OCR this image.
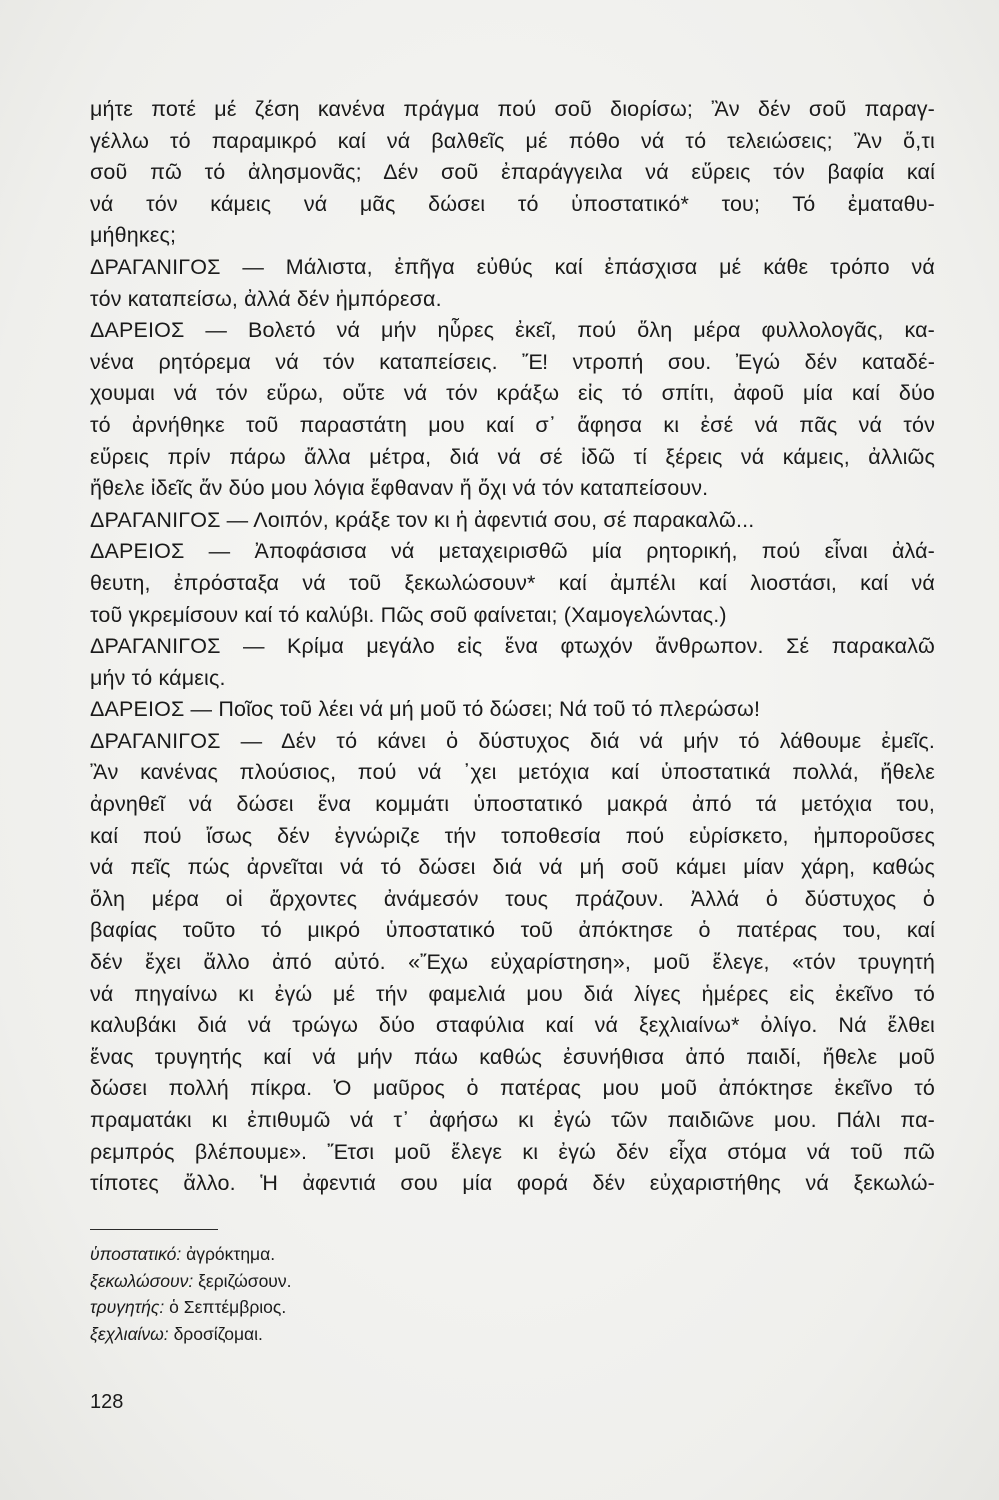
μήτε ποτέ μέ ζέση κανένα πράγμα πού σοῦ διορίσω; Ἂν δέν σοῦ παραγ-
γέλλω τό παραμικρό καί νά βαλθεῖς μέ πόθο νά τό τελειώσεις; Ἂν ὅ,τι
σοῦ πῶ τό ἀλησμονᾶς; Δέν σοῦ ἐπαράγγειλα νά εὕρεις τόν βαφία καί
νά τόν κάμεις νά μᾶς δώσει τό ὑποστατικό* του; Τό ἐματαθυ-
μήθηκες;
ΔΡΑΓΑΝΙΓΟΣ — Μάλιστα, ἐπῆγα εὐθύς καί ἐπάσχισα μέ κάθε τρόπο νά
τόν καταπείσω, ἀλλά δέν ἠμπόρεσα.
ΔΑΡΕΙΟΣ — Βολετό νά μήν ηὗρες ἐκεῖ, πού ὅλη μέρα φυλλολογᾶς, κα-
νένα ρητόρεμα νά τόν καταπείσεις. Ἔ! ντροπή σου. Ἐγώ δέν καταδέ-
χουμαι νά τόν εὕρω, οὔτε νά τόν κράξω εἰς τό σπίτι, ἀφοῦ μία καί δύο
τό ἀρνήθηκε τοῦ παραστάτη μου καί σ᾽ ἄφησα κι ἐσέ νά πᾶς νά τόν
εὕρεις πρίν πάρω ἄλλα μέτρα, διά νά σέ ἰδῶ τί ξέρεις νά κάμεις, ἀλλιῶς
ἤθελε ἰδεῖς ἄν δύο μου λόγια ἔφθαναν ἤ ὄχι νά τόν καταπείσουν.
ΔΡΑΓΑΝΙΓΟΣ — Λοιπόν, κράξε τον κι ἡ ἀφεντιά σου, σέ παρακαλῶ...
ΔΑΡΕΙΟΣ — Ἀποφάσισα νά μεταχειρισθῶ μία ρητορική, πού εἶναι ἀλά-
θευτη, ἐπρόσταξα νά τοῦ ξεκωλώσουν* καί ἀμπέλι καί λιοστάσι, καί νά
τοῦ γκρεμίσουν καί τό καλύβι. Πῶς σοῦ φαίνεται; (Χαμογελώντας.)
ΔΡΑΓΑΝΙΓΟΣ — Κρίμα μεγάλο εἰς ἕνα φτωχόν ἄνθρωπον. Σέ παρακαλῶ
μήν τό κάμεις.
ΔΑΡΕΙΟΣ — Ποῖος τοῦ λέει νά μή μοῦ τό δώσει; Νά τοῦ τό πλερώσω!
ΔΡΑΓΑΝΙΓΟΣ — Δέν τό κάνει ὁ δύστυχος διά νά μήν τό λάθουμε ἐμεῖς.
Ἂν κανένας πλούσιος, πού νά ᾽χει μετόχια καί ὑποστατικά πολλά, ἤθελε
ἀρνηθεῖ νά δώσει ἕνα κομμάτι ὑποστατικό μακρά ἀπό τά μετόχια του,
καί πού ἴσως δέν ἐγνώριζε τήν τοποθεσία πού εὑρίσκετο, ἠμποροῦσες
νά πεῖς πώς ἀρνεῖται νά τό δώσει διά νά μή σοῦ κάμει μίαν χάρη, καθώς
ὅλη μέρα οἱ ἄρχοντες ἀνάμεσόν τους πράζουν. Ἀλλά ὁ δύστυχος ὁ
βαφίας τοῦτο τό μικρό ὑποστατικό τοῦ ἀπόκτησε ὁ πατέρας του, καί
δέν ἔχει ἄλλο ἀπό αὐτό. «Ἔχω εὐχαρίστηση», μοῦ ἔλεγε, «τόν τρυγητή
νά πηγαίνω κι ἐγώ μέ τήν φαμελιά μου διά λίγες ἡμέρες εἰς ἐκεῖνο τό
καλυβάκι διά νά τρώγω δύο σταφύλια καί νά ξεχλιαίνω* ὀλίγο. Νά ἔλθει
ἕνας τρυγητής καί νά μήν πάω καθώς ἐσυνήθισα ἀπό παιδί, ἤθελε μοῦ
δώσει πολλή πίκρα. Ὁ μαῦρος ὁ πατέρας μου μοῦ ἀπόκτησε ἐκεῖνο τό
πραματάκι κι ἐπιθυμῶ νά τ᾽ ἀφήσω κι ἐγώ τῶν παιδιῶνε μου. Πάλι πα-
ρεμπρός βλέπουμε». Ἔτσι μοῦ ἔλεγε κι ἐγώ δέν εἶχα στόμα νά τοῦ πῶ
τίποτες ἄλλο. Ἡ ἀφεντιά σου μία φορά δέν εὐχαριστήθης νά ξεκωλώ-
ὑποστατικό: ἀγρόκτημα.
ξεκωλώσουν: ξεριζώσουν.
τρυγητής: ὁ Σεπτέμβριος.
ξεχλιαίνω: δροσίζομαι.
128
